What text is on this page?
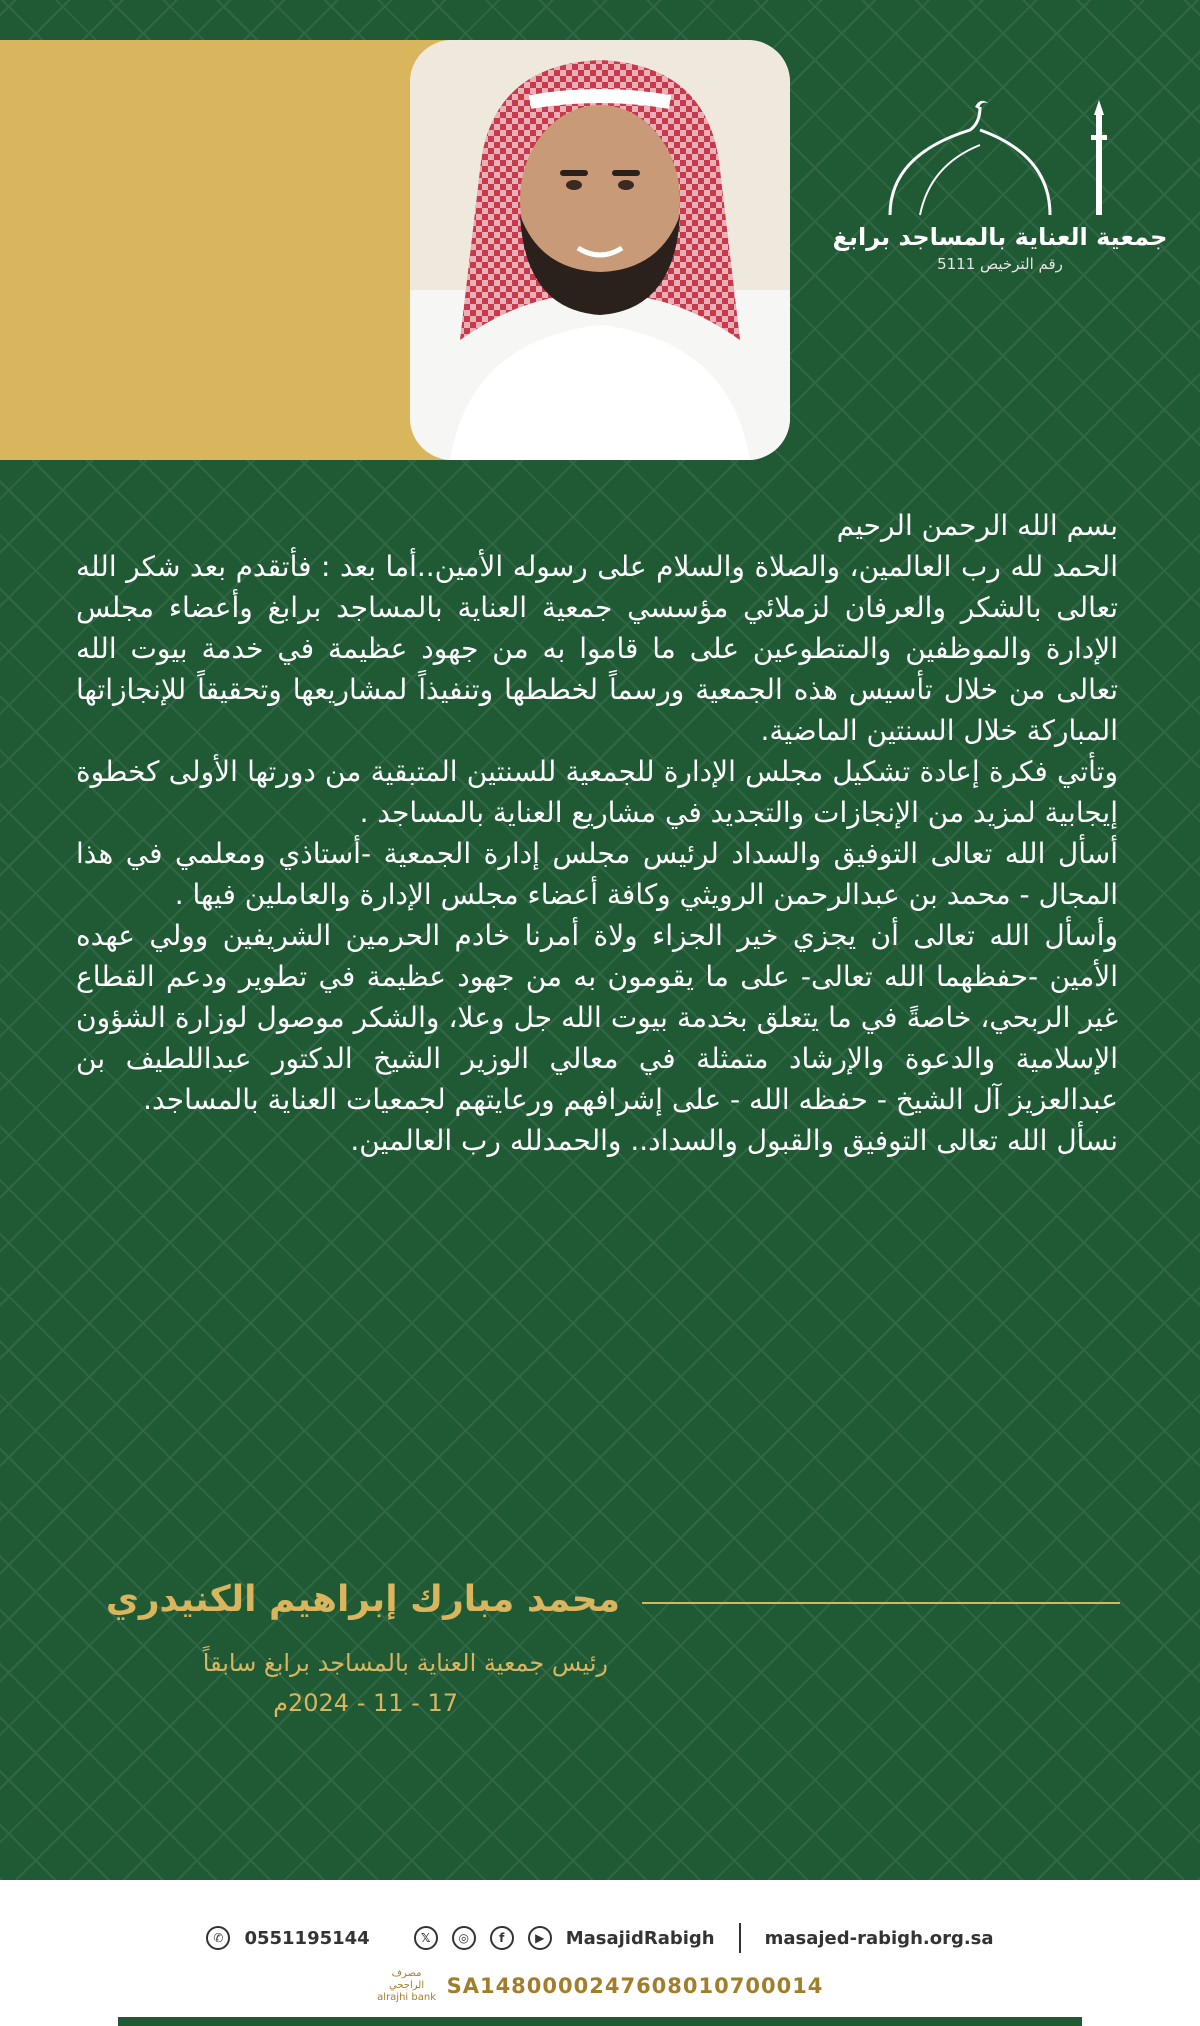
جمعية العناية بالمساجد برابغ
رقم الترخيص 5111

بسم الله الرحمن الرحيم

الحمد لله رب العالمين، والصلاة والسلام على رسوله الأمين..أما بعد : فأتقدم بعد شكر الله تعالى بالشكر والعرفان لزملائي مؤسسي جمعية العناية بالمساجد برابغ وأعضاء مجلس الإدارة والموظفين والمتطوعين على ما قاموا به من جهود عظيمة في خدمة بيوت الله تعالى من خلال تأسيس هذه الجمعية ورسماً لخططها وتنفيذاً لمشاريعها وتحقيقاً للإنجازاتها المباركة خلال السنتين الماضية.

وتأتي فكرة إعادة تشكيل مجلس الإدارة للجمعية للسنتين المتبقية من دورتها الأولى كخطوة إيجابية لمزيد من الإنجازات والتجديد في مشاريع العناية بالمساجد .

أسأل الله تعالى التوفيق والسداد لرئيس مجلس إدارة الجمعية -أستاذي ومعلمي في هذا المجال - محمد بن عبدالرحمن الرويثي وكافة أعضاء مجلس الإدارة والعاملين فيها .

وأسأل الله تعالى أن يجزي خير الجزاء ولاة أمرنا خادم الحرمين الشريفين وولي عهده الأمين -حفظهما الله تعالى- على ما يقومون به من جهود عظيمة في تطوير ودعم القطاع غير الربحي، خاصةً في ما يتعلق بخدمة بيوت الله جل وعلا، والشكر موصول لوزارة الشؤون الإسلامية والدعوة والإرشاد متمثلة في معالي الوزير الشيخ الدكتور عبداللطيف بن عبدالعزيز آل الشيخ - حفظه الله - على إشرافهم ورعايتهم لجمعيات العناية بالمساجد.

نسأل الله تعالى التوفيق والقبول والسداد.. والحمدلله رب العالمين.

محمد مبارك إبراهيم الكنيدري
رئيس جمعية العناية بالمساجد برابغ سابقاً
17 - 11 - 2024م
✆	0551195144	𝕏	◎	f	▶	MasajidRabigh	masajed-rabigh.org.sa
مصرف الراجحي
alrajhi bank SA1480000247608010700014
